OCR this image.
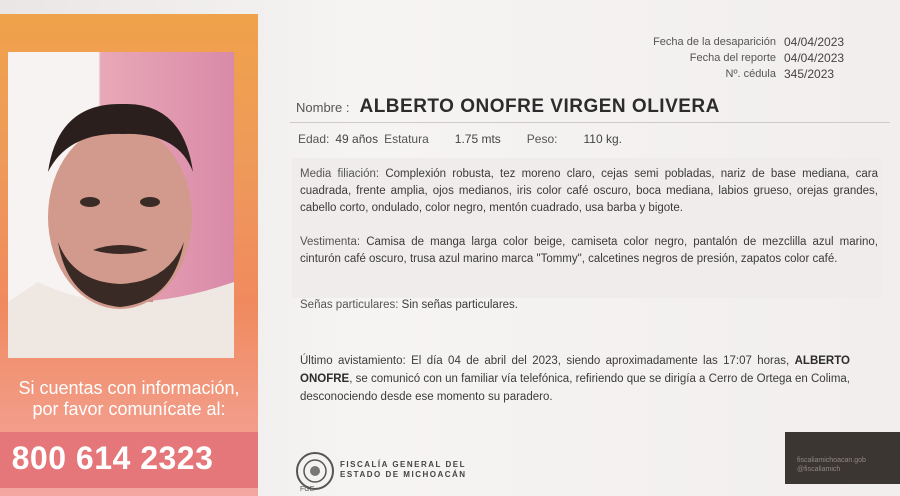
Si cuentas con información,
por favor comunícate al:
800 614 2323
Fecha de la desaparición 04/04/2023
Fecha del reporte 04/04/2023
Nº. cédula 345/2023
Nombre : ALBERTO ONOFRE VIRGEN OLIVERA
Edad: 49 años Estatura 1.75 mts Peso: 110 kg.
Media filiación: Complexión robusta, tez moreno claro, cejas semi pobladas, nariz de base mediana, cara cuadrada, frente amplia, ojos medianos, iris color café oscuro, boca mediana, labios grueso, orejas grandes, cabello corto, ondulado, color negro, mentón cuadrado, usa barba y bigote.
Vestimenta: Camisa de manga larga color beige, camiseta color negro, pantalón de mezclilla azul marino, cinturón café oscuro, trusa azul marino marca "Tommy", calcetines negros de presión, zapatos color café.
Señas particulares: Sin señas particulares.
Último avistamiento: El día 04 de abril del 2023, siendo aproximadamente las 17:07 horas, ALBERTO ONOFRE, se comunicó con un familiar vía telefónica, refiriendo que se dirigía a Cerro de Ortega en Colima, desconociendo desde ese momento su paradero.
FGE
FISCALÍA GENERAL DEL
ESTADO DE MICHOACÁN
fiscaliamichoacan.gob
@fiscaliamich
